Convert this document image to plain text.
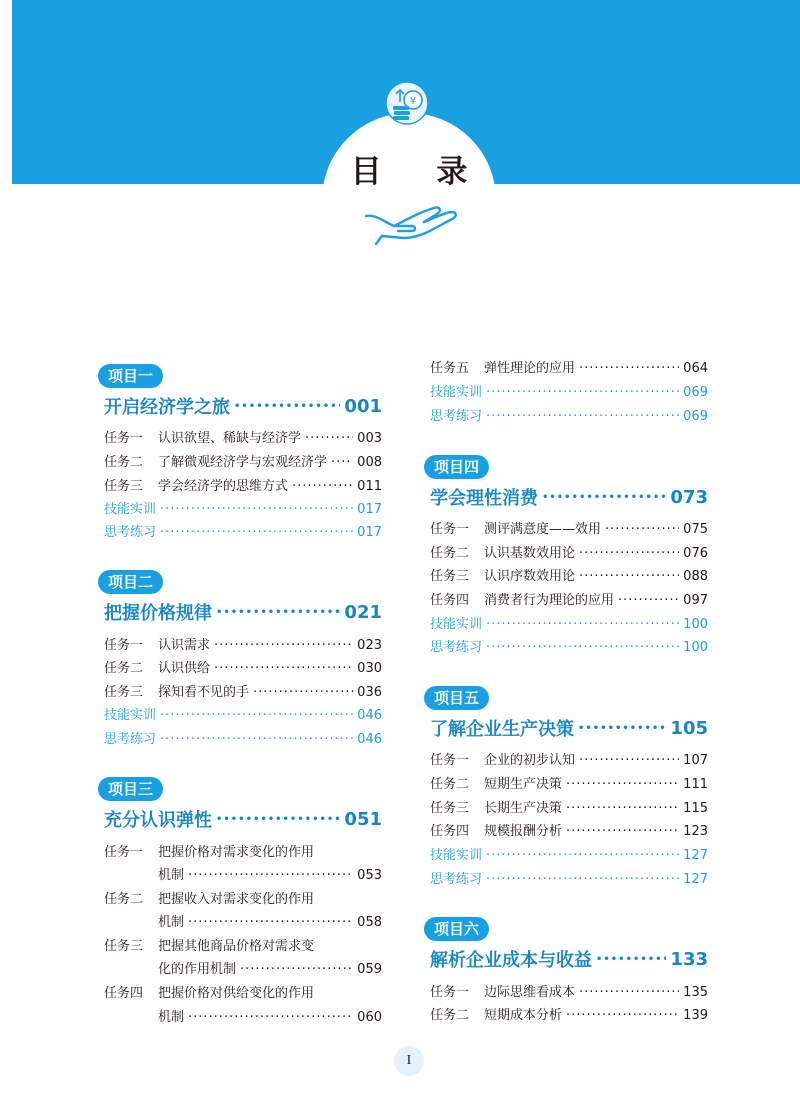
¥
目 录
项目一
开启经济学之旅 •••••	001
任务一	认识欲望、稀缺与经济学 ·····	003
任务二	了解微观经济学与宏观经济学 ····· 008
任务三	学会经济学的思维方式 ·····	011
技能实训 ·····	017
思考练习 ·····	017
项目二
把握价格规律 •••••	021
任务一	认识需求 ·····	023
任务二	认识供给 ·····	030
任务三	探知看不见的手 ·····	036
技能实训 ·····	046
思考练习 ·····	046
项目三
充分认识弹性 •••••	051
任务一 把握价格对需求变化的作用
机制 ·····	053
任务二 把握收入对需求变化的作用
机制 ·····	058
任务三 把握其他商品价格对需求变
化的作用机制 ·····	059
任务四 把握价格对供给变化的作用
机制 ·····	060
任务五	弹性理论的应用 ·····	064
技能实训 ·····	069
思考练习 ·····	069
项目四
学会理性消费 •••••	073
任务一	测评满意度——效用 ·····	075
任务二	认识基数效用论 ·····	076
任务三	认识序数效用论 ·····	088
任务四	消费者行为理论的应用 ·····	097
技能实训 ·····	100
思考练习 ·····	100
项目五
了解企业生产决策 •••••	105
任务一	企业的初步认知 ·····	107
任务二	短期生产决策 ·····	111
任务三	长期生产决策 ·····	115
任务四	规模报酬分析 ·····	123
技能实训 ·····	127
思考练习 ·····	127
项目六
解析企业成本与收益 •••••	133
任务一	边际思维看成本 ·····	135
任务二	短期成本分析 ·····	139
I
